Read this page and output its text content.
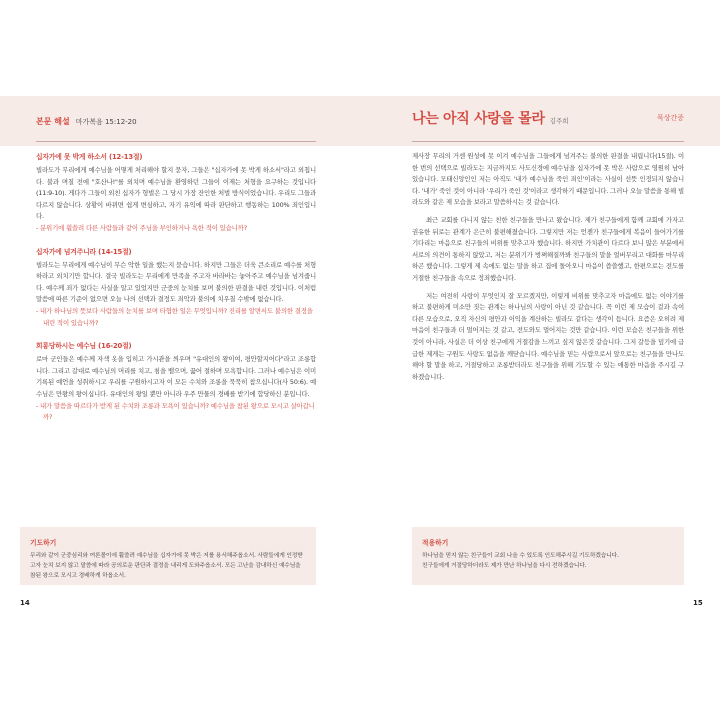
본문 해설 마가복음 15:12-20
십자가에 못 박게 하소서 (12-13절)
빌라도가 무리에게 예수님을 어떻게 처리해야 할지 묻자, 그들은 "십자가에 못 박게 하소서"라고 외칩니다. 불과 며칠 전에 "호산나!"를 외치며 예수님을 환영하던 그들이 이제는 처형을 요구하는 것입니다(11:9-10). 게다가 그들이 외친 십자가 형벌은 그 당시 가장 잔인한 처벌 방식이었습니다. 우리도 그들과 다르지 않습니다. 상황이 바뀌면 쉽게 변심하고, 자기 유익에 따라 판단하고 행동하는 100% 죄인입니다.
- 분위기에 휩쓸려 다른 사람들과 같이 주님을 부인하거나 욕한 적이 있습니까?
십자가에 넘겨주니라 (14-15절)
빌라도는 무리에게 예수님이 무슨 악한 일을 했는지 묻습니다. 하지만 그들은 더욱 큰소리로 예수를 처형하라고 외치기만 합니다. 결국 빌라도는 무리에게 만족을 주고자 바라바는 놓아주고 예수님을 넘겨줍니다. 예수께 죄가 없다는 사실을 알고 있었지만 군중의 눈치를 보며 불의한 판결을 내린 것입니다. 이처럼 말씀에 따른 기준이 없으면 오늘 나의 선택과 결정도 죄악과 불의에 치우칠 수밖에 없습니다.
- 내가 하나님의 뜻보다 사람들의 눈치를 보며 타협한 일은 무엇입니까? 진리를 알면서도 불의한 결정을 내린 적이 있습니까?
희롱당하시는 예수님 (16-20절)
로마 군인들은 예수께 자색 옷을 입히고 가시관을 씌우며 "유대인의 왕이여, 평안할지어다"라고 조롱합니다. 그리고 갈대로 예수님의 머리를 치고, 침을 뱉으며, 꿇어 절하며 모욕합니다. 그러나 예수님은 이미 기록된 예언을 성취하시고 우리를 구원하시고자 이 모든 수치와 조롱을 묵묵히 참으십니다(사 50:6). 예수님은 만왕의 왕이십니다. 유대인의 왕일 뿐만 아니라 우주 만물의 경배를 받기에 합당하신 분입니다.
- 내가 말씀을 따르다가 받게 된 수치와 조롱과 모욕이 있습니까? 예수님을 참된 왕으로 모시고 살아갑니까?
기도하기
무리와 같이 군중심리와 여론몰이에 휩쓸려 예수님을 십자가에 못 박은 저를 용서해주옵소서. 사람들에게 인정받고자 눈치 보지 않고 말씀에 따라 공의로운 판단과 결정을 내리게 도와주옵소서. 모든 고난을 감내하신 예수님을 참된 왕으로 모시고 경배하게 하옵소서.
14
나는 아직 사랑을 몰라 김주희	묵상간증

제사장 무리의 거센 원성에 못 이겨 예수님을 그들에게 넘겨주는 불의한 판결을 내립니다(15절). 이 한 번의 선택으로 빌라도는 지금까지도 사도신경에 예수님을 십자가에 못 박은 사람으로 영원히 남아 있습니다. 모태신앙인인 저는 아직도 '내가 예수님을 죽인 죄인'이라는 사실이 선뜻 인정되지 않습니다. '내가' 죽인 것이 아니라 '우리가 죽인 것'이라고 생각하기 때문입니다. 그러나 오늘 말씀을 통해 빌라도와 같은 제 모습을 보라고 말씀하시는 것 같습니다.

최근 교회를 다니지 않는 친한 친구들을 만나고 왔습니다. 제가 친구들에게 함께 교회에 가자고 권유한 뒤로는 관계가 은근히 불편해졌습니다. 그렇지만 저는 언젠가 친구들에게 복음이 들어가기를 기다리는 마음으로 친구들의 비위를 맞추고자 했습니다. 하지만 가치관이 다르다 보니 많은 부분에서 서로의 의견이 통하지 않았고, 저는 분위기가 벙쪄해질까봐 친구들의 말을 얼버무리고 대화를 마무리하곤 했습니다. 그렇게 제 속에도 없는 말을 하고 집에 돌아오니 마음이 씁쓸했고, 한편으로는 전도를 거절한 친구들을 속으로 정죄했습니다.

저는 여전히 사랑이 무엇인지 잘 모르겠지만, 이렇게 비위를 맞추고자 마음에도 없는 이야기를 하고 불편하게 미소만 짓는 관계는 하나님의 사랑이 아닌 것 같습니다. 꼭 이런 제 모습이 겉과 속이 다른 모습으로, 오직 자신의 평안과 이익을 계산하는 빌라도 같다는 생각이 듭니다. 요즘은 오히려 제 마음이 친구들과 더 멀어지는 것 같고, 전도와도 멀어지는 것만 같습니다. 이런 모습은 친구들을 위한 것이 아니라, 사실은 더 이상 친구에게 거절감을 느끼고 싶지 않은것 같습니다. 그저 갈등을 덮기에 급급한 제게는 구원도 사랑도 없음을 깨닫습니다. 예수님을 믿는 사람으로서 앞으로는 친구들을 만나도 해야 할 말을 하고, 거절당하고 조롱받더라도 친구들을 위해 기도할 수 있는 애통한 마음을 주시길 구하겠습니다.

적용하기
하나님을 믿지 않는 친구들이 교회 나올 수 있도록 인도해주시길 기도하겠습니다.
친구들에게 거절당하더라도 제가 만난 하나님을 다시 전하겠습니다.
15
